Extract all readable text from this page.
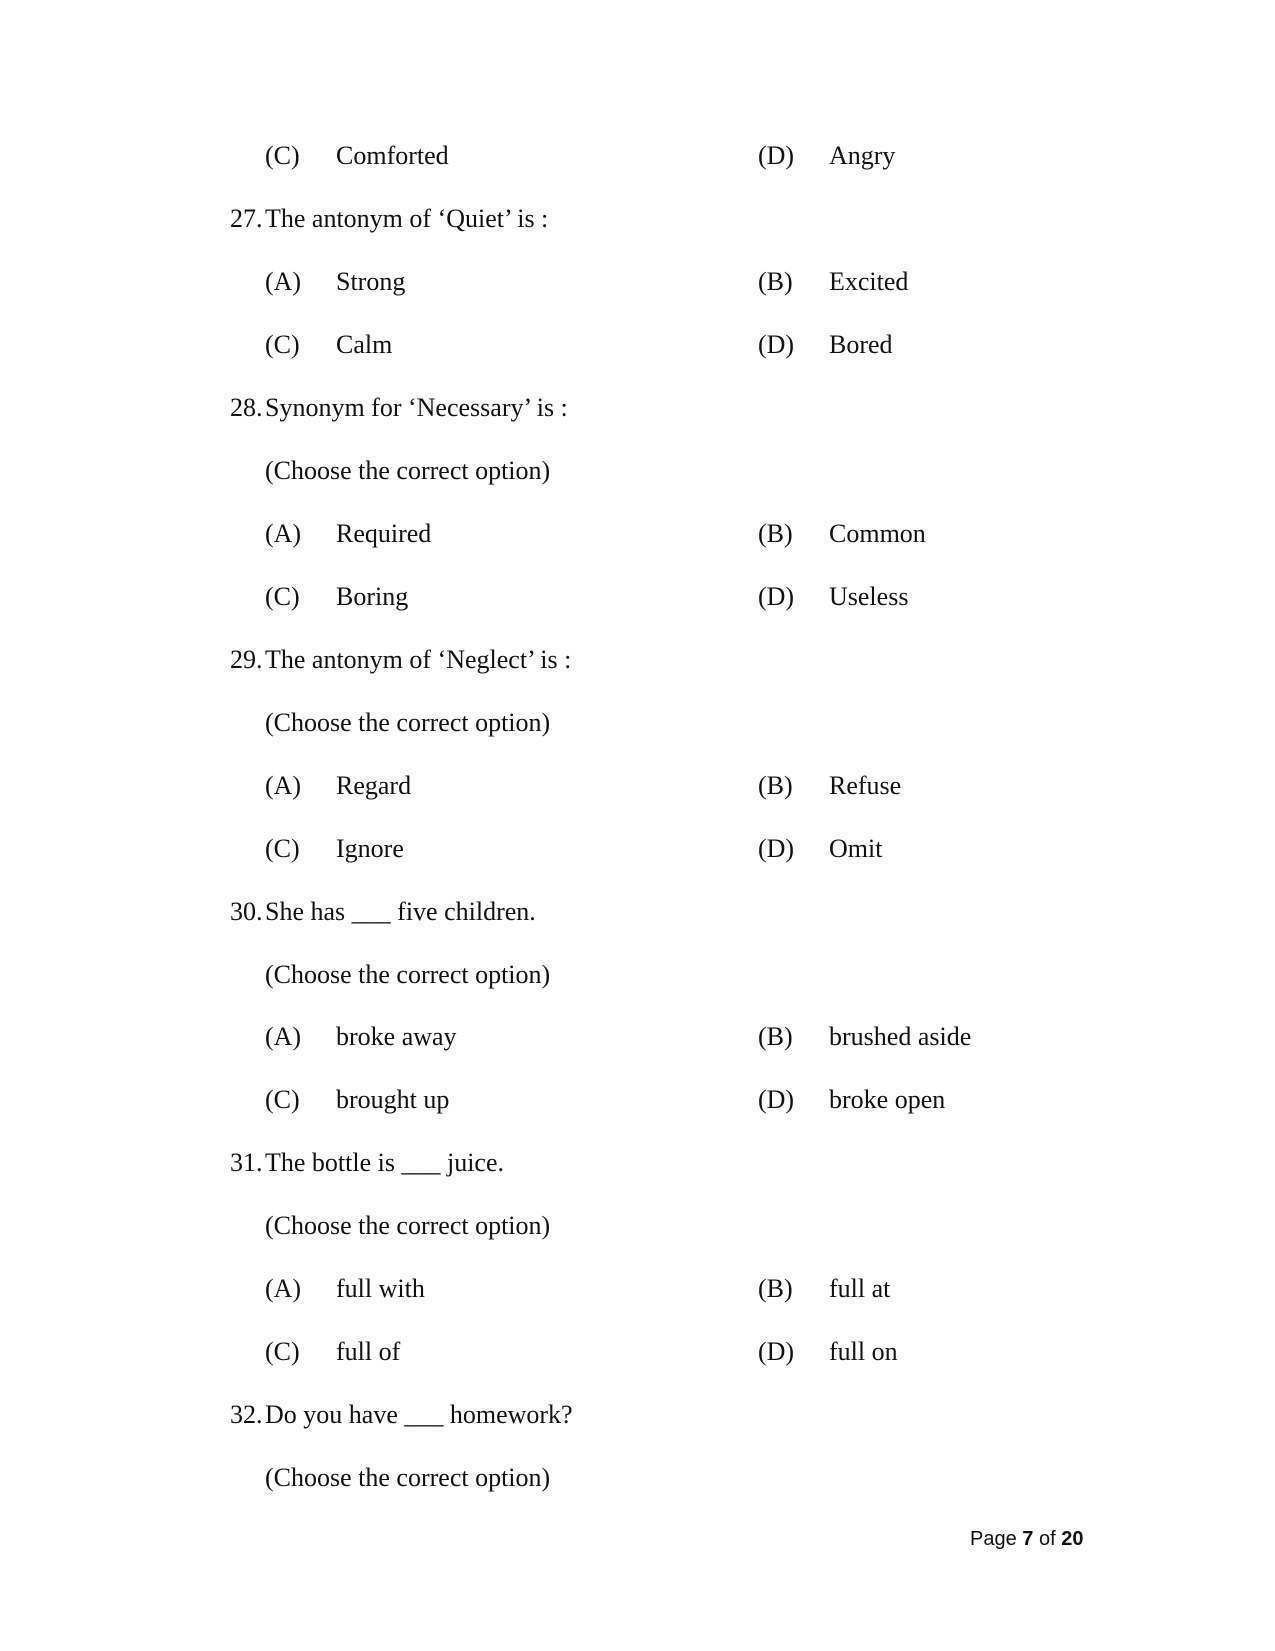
(C) Comforted	(D) Angry
27. The antonym of ‘Quiet’ is :
(A) Strong	(B) Excited
(C) Calm	(D) Bored
28. Synonym for ‘Necessary’ is :
(Choose the correct option)
(A) Required	(B) Common
(C) Boring	(D) Useless
29. The antonym of ‘Neglect’ is :
(Choose the correct option)
(A) Regard	(B) Refuse
(C) Ignore	(D) Omit
30. She has ___ five children.
(Choose the correct option)
(A) broke away	(B) brushed aside
(C) brought up	(D) broke open
31. The bottle is ___ juice.
(Choose the correct option)
(A) full with	(B) full at
(C) full of	(D) full on
32. Do you have ___ homework?
(Choose the correct option)
Page 7 of 20
